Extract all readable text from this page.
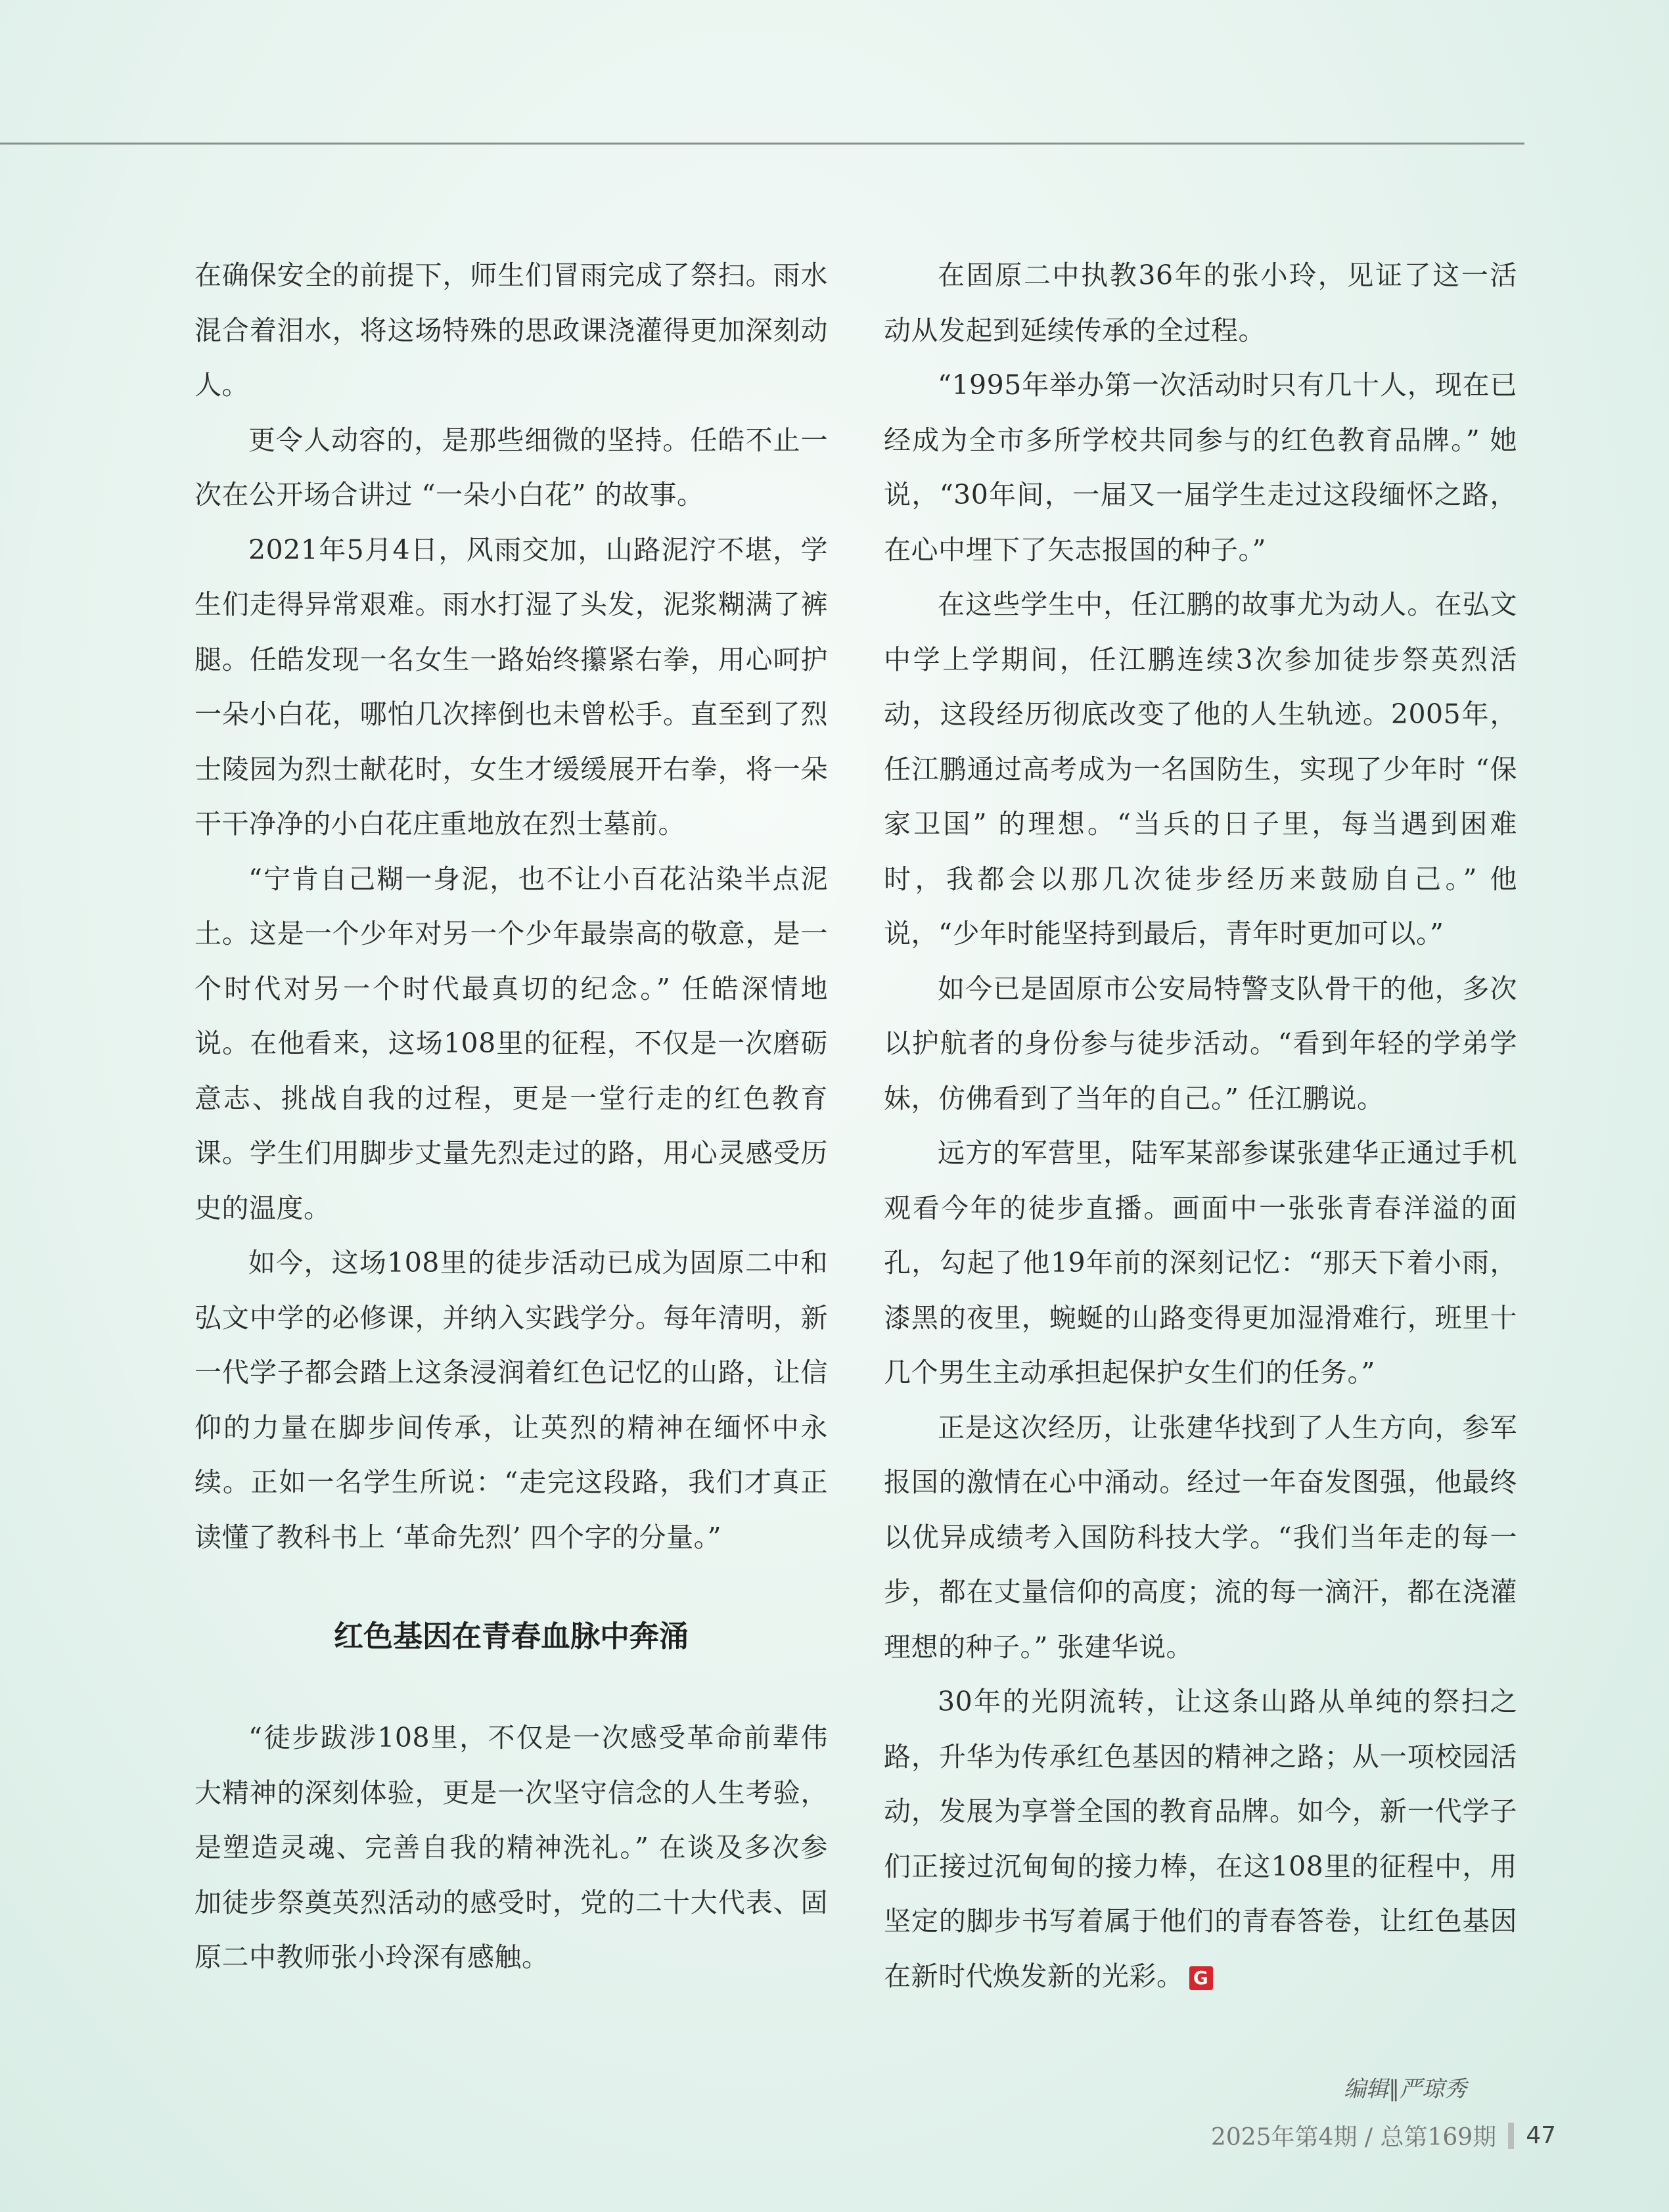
在确保安全的前提下，师生们冒雨完成了祭扫。雨水混合着泪水，将这场特殊的思政课浇灌得更加深刻动人。

更令人动容的，是那些细微的坚持。任皓不止一次在公开场合讲过 “一朵小白花” 的故事。

2021年5月4日，风雨交加，山路泥泞不堪，学生们走得异常艰难。雨水打湿了头发，泥浆糊满了裤腿。任皓发现一名女生一路始终攥紧右拳，用心呵护一朵小白花，哪怕几次摔倒也未曾松手。直至到了烈士陵园为烈士献花时，女生才缓缓展开右拳，将一朵干干净净的小白花庄重地放在烈士墓前。

“宁肯自己糊一身泥，也不让小百花沾染半点泥土。这是一个少年对另一个少年最崇高的敬意，是一个时代对另一个时代最真切的纪念。” 任皓深情地说。在他看来，这场108里的征程，不仅是一次磨砺意志、挑战自我的过程，更是一堂行走的红色教育课。学生们用脚步丈量先烈走过的路，用心灵感受历史的温度。

如今，这场108里的徒步活动已成为固原二中和弘文中学的必修课，并纳入实践学分。每年清明，新一代学子都会踏上这条浸润着红色记忆的山路，让信仰的力量在脚步间传承，让英烈的精神在缅怀中永续。正如一名学生所说：“走完这段路，我们才真正读懂了教科书上 ‘革命先烈’ 四个字的分量。”

红色基因在青春血脉中奔涌

“徒步跋涉108里，不仅是一次感受革命前辈伟大精神的深刻体验，更是一次坚守信念的人生考验，是塑造灵魂、完善自我的精神洗礼。” 在谈及多次参加徒步祭奠英烈活动的感受时，党的二十大代表、固原二中教师张小玲深有感触。

在固原二中执教36年的张小玲，见证了这一活动从发起到延续传承的全过程。

“1995年举办第一次活动时只有几十人，现在已经成为全市多所学校共同参与的红色教育品牌。” 她说，“30年间，一届又一届学生走过这段缅怀之路，在心中埋下了矢志报国的种子。”

在这些学生中，任江鹏的故事尤为动人。在弘文中学上学期间，任江鹏连续3次参加徒步祭英烈活动，这段经历彻底改变了他的人生轨迹。2005年，任江鹏通过高考成为一名国防生，实现了少年时 “保家卫国” 的理想。“当兵的日子里，每当遇到困难时，我都会以那几次徒步经历来鼓励自己。” 他说，“少年时能坚持到最后，青年时更加可以。”

如今已是固原市公安局特警支队骨干的他，多次以护航者的身份参与徒步活动。“看到年轻的学弟学妹，仿佛看到了当年的自己。” 任江鹏说。

远方的军营里，陆军某部参谋张建华正通过手机观看今年的徒步直播。画面中一张张青春洋溢的面孔，勾起了他19年前的深刻记忆：“那天下着小雨，漆黑的夜里，蜿蜒的山路变得更加湿滑难行，班里十几个男生主动承担起保护女生们的任务。”

正是这次经历，让张建华找到了人生方向，参军报国的激情在心中涌动。经过一年奋发图强，他最终以优异成绩考入国防科技大学。“我们当年走的每一步，都在丈量信仰的高度；流的每一滴汗，都在浇灌理想的种子。” 张建华说。

30年的光阴流转，让这条山路从单纯的祭扫之路，升华为传承红色基因的精神之路；从一项校园活动，发展为享誉全国的教育品牌。如今，新一代学子们正接过沉甸甸的接力棒，在这108里的征程中，用坚定的脚步书写着属于他们的青春答卷，让红色基因在新时代焕发新的光彩。 G

编辑∥严琼秀
2025年第4期 / 总第169期 47
